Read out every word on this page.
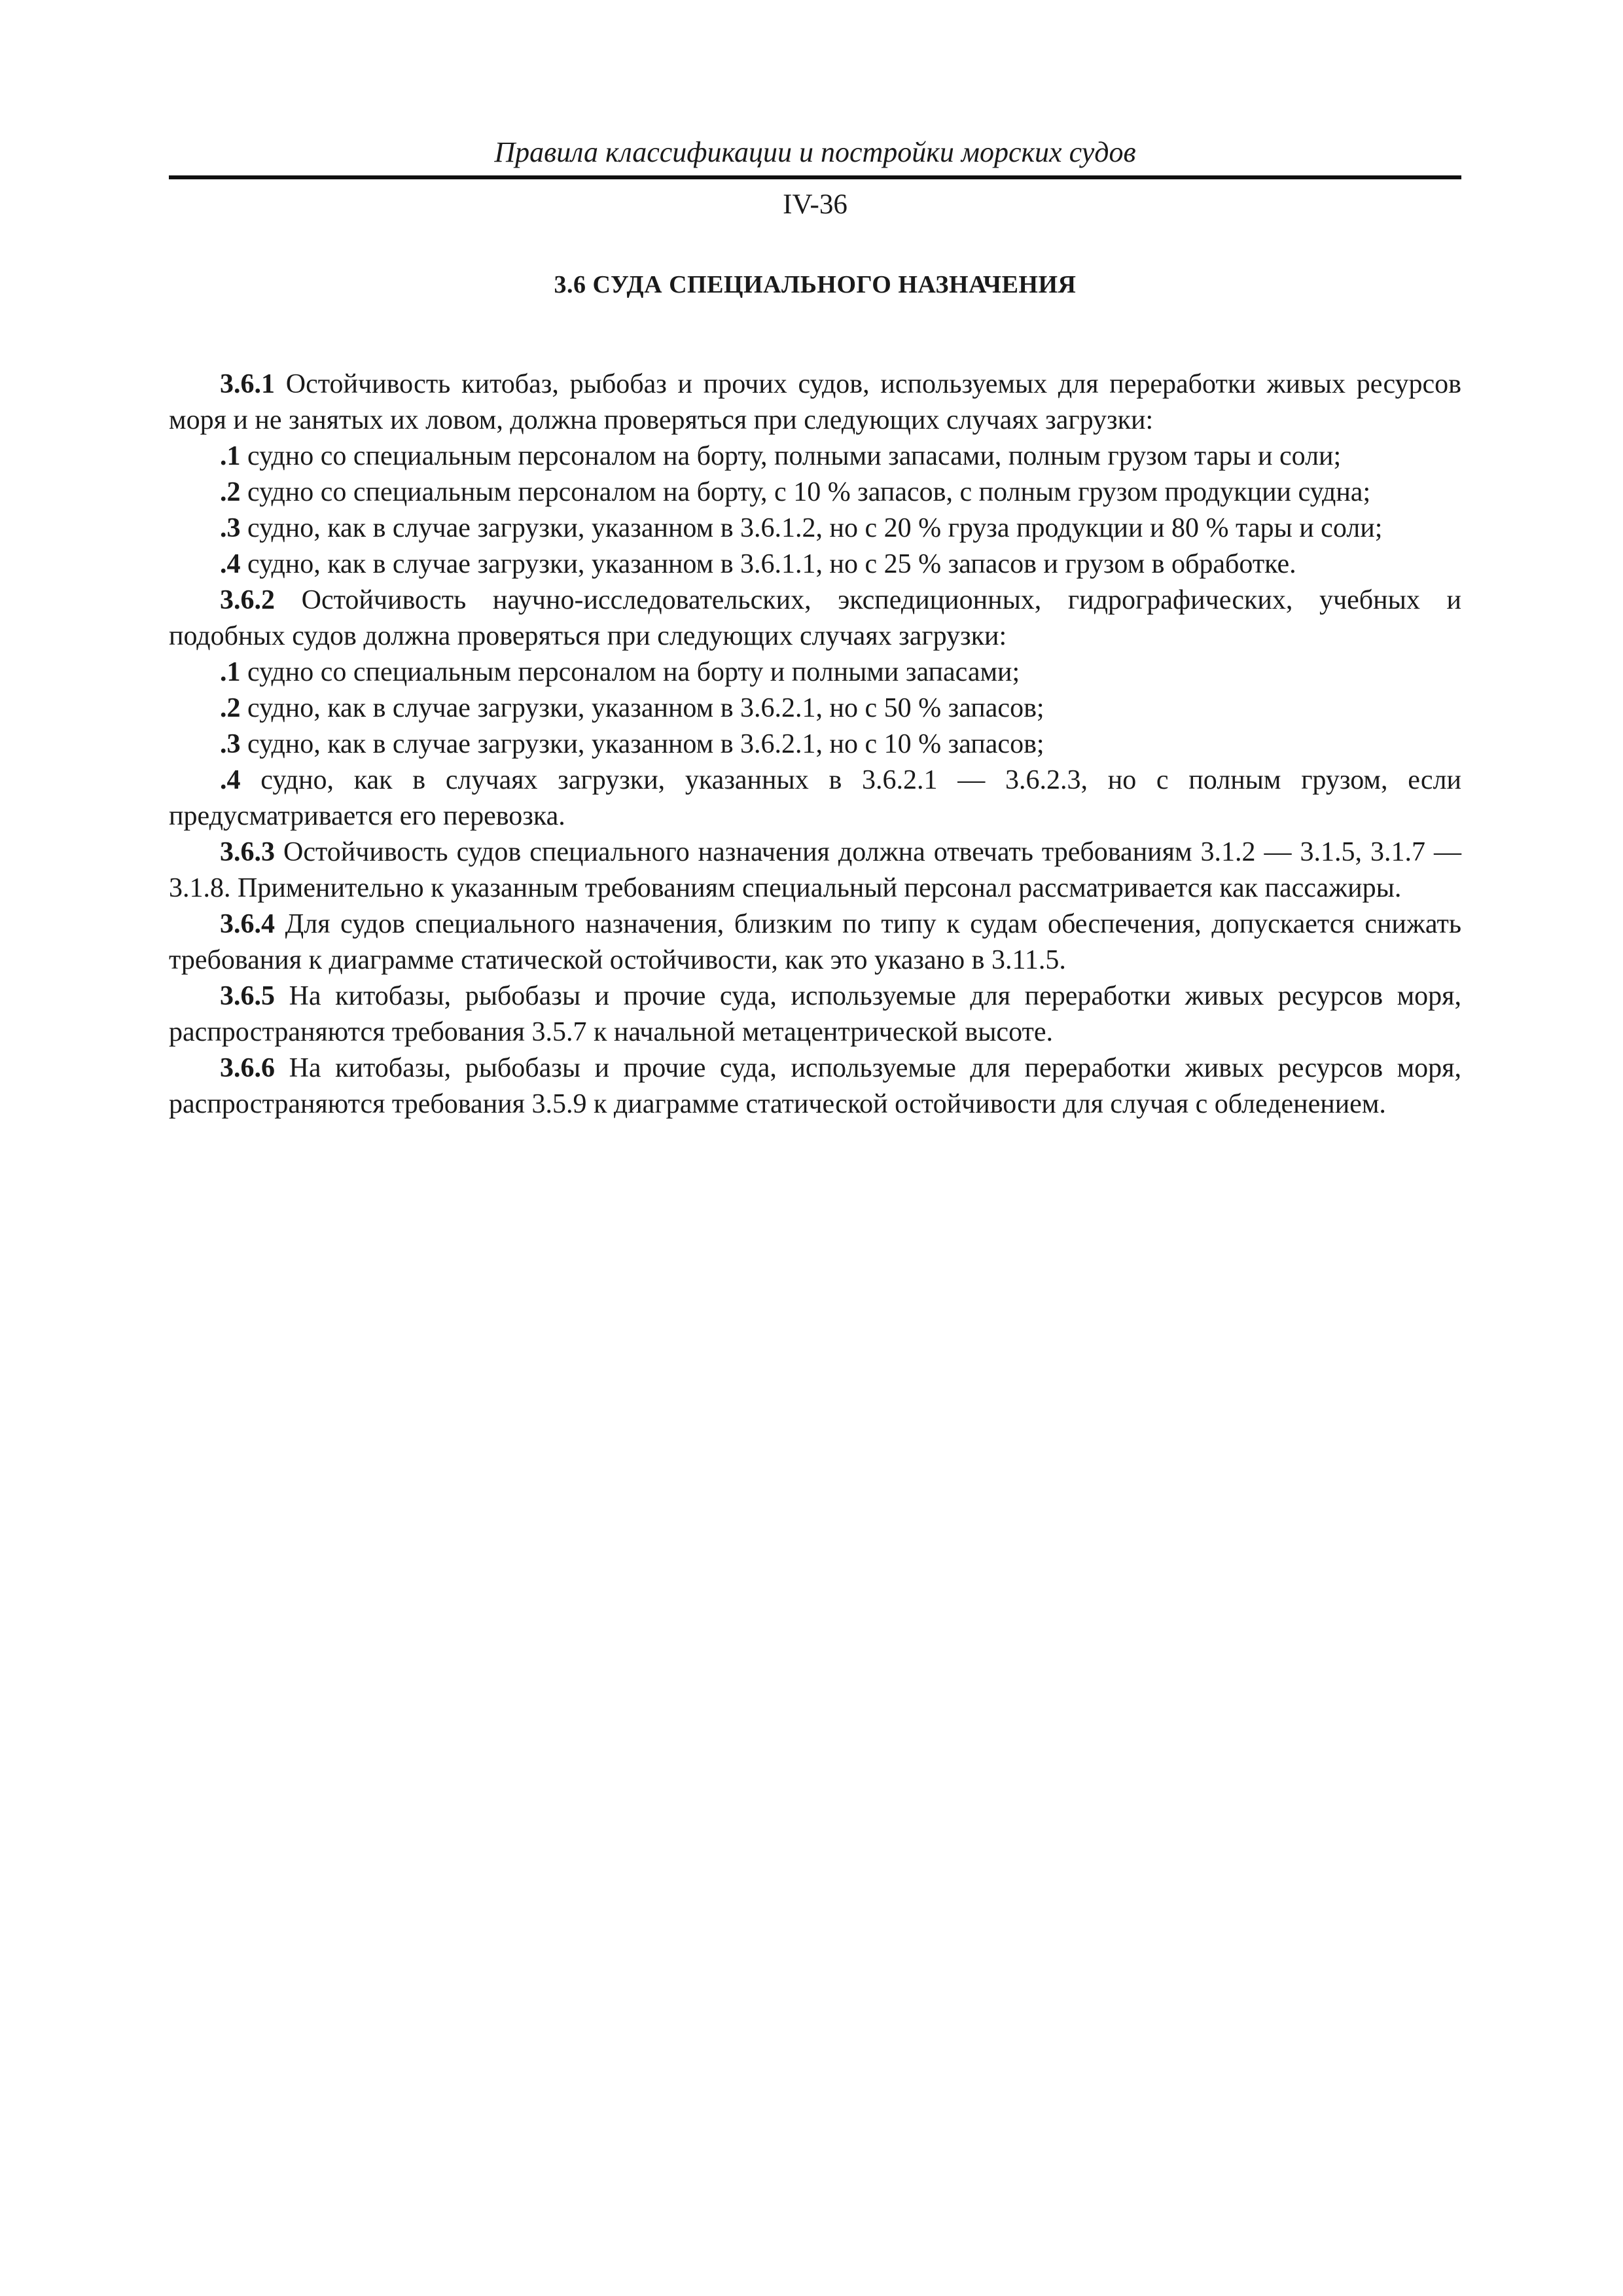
Правила классификации и постройки морских судов
IV-36
3.6 СУДА СПЕЦИАЛЬНОГО НАЗНАЧЕНИЯ

3.6.1 Остойчивость китобаз, рыбобаз и прочих судов, используемых для переработки живых ресурсов моря и не занятых их ловом, должна проверяться при следующих случаях загрузки:

.1 судно со специальным персоналом на борту, полными запасами, полным грузом тары и соли;

.2 судно со специальным персоналом на борту, с 10 % запасов, с полным грузом продукции судна;

.3 судно, как в случае загрузки, указанном в 3.6.1.2, но с 20 % груза продукции и 80 % тары и соли;

.4 судно, как в случае загрузки, указанном в 3.6.1.1, но с 25 % запасов и грузом в обработке.

3.6.2 Остойчивость научно-исследовательских, экспедиционных, гидрографических, учебных и подобных судов должна проверяться при следующих случаях загрузки:

.1 судно со специальным персоналом на борту и полными запасами;

.2 судно, как в случае загрузки, указанном в 3.6.2.1, но с 50 % запасов;

.3 судно, как в случае загрузки, указанном в 3.6.2.1, но с 10 % запасов;

.4 судно, как в случаях загрузки, указанных в 3.6.2.1 — 3.6.2.3, но с полным грузом, если предусматривается его перевозка.

3.6.3 Остойчивость судов специального назначения должна отвечать требованиям 3.1.2 — 3.1.5, 3.1.7 — 3.1.8. Применительно к указанным требованиям специальный персонал рассматривается как пассажиры.

3.6.4 Для судов специального назначения, близким по типу к судам обеспечения, допускается снижать требования к диаграмме статической остойчивости, как это указано в 3.11.5.

3.6.5 На китобазы, рыбобазы и прочие суда, используемые для переработки живых ресурсов моря, распространяются требования 3.5.7 к начальной метацентрической высоте.

3.6.6 На китобазы, рыбобазы и прочие суда, используемые для переработки живых ресурсов моря, распространяются требования 3.5.9 к диаграмме статической остойчивости для случая с обледенением.
